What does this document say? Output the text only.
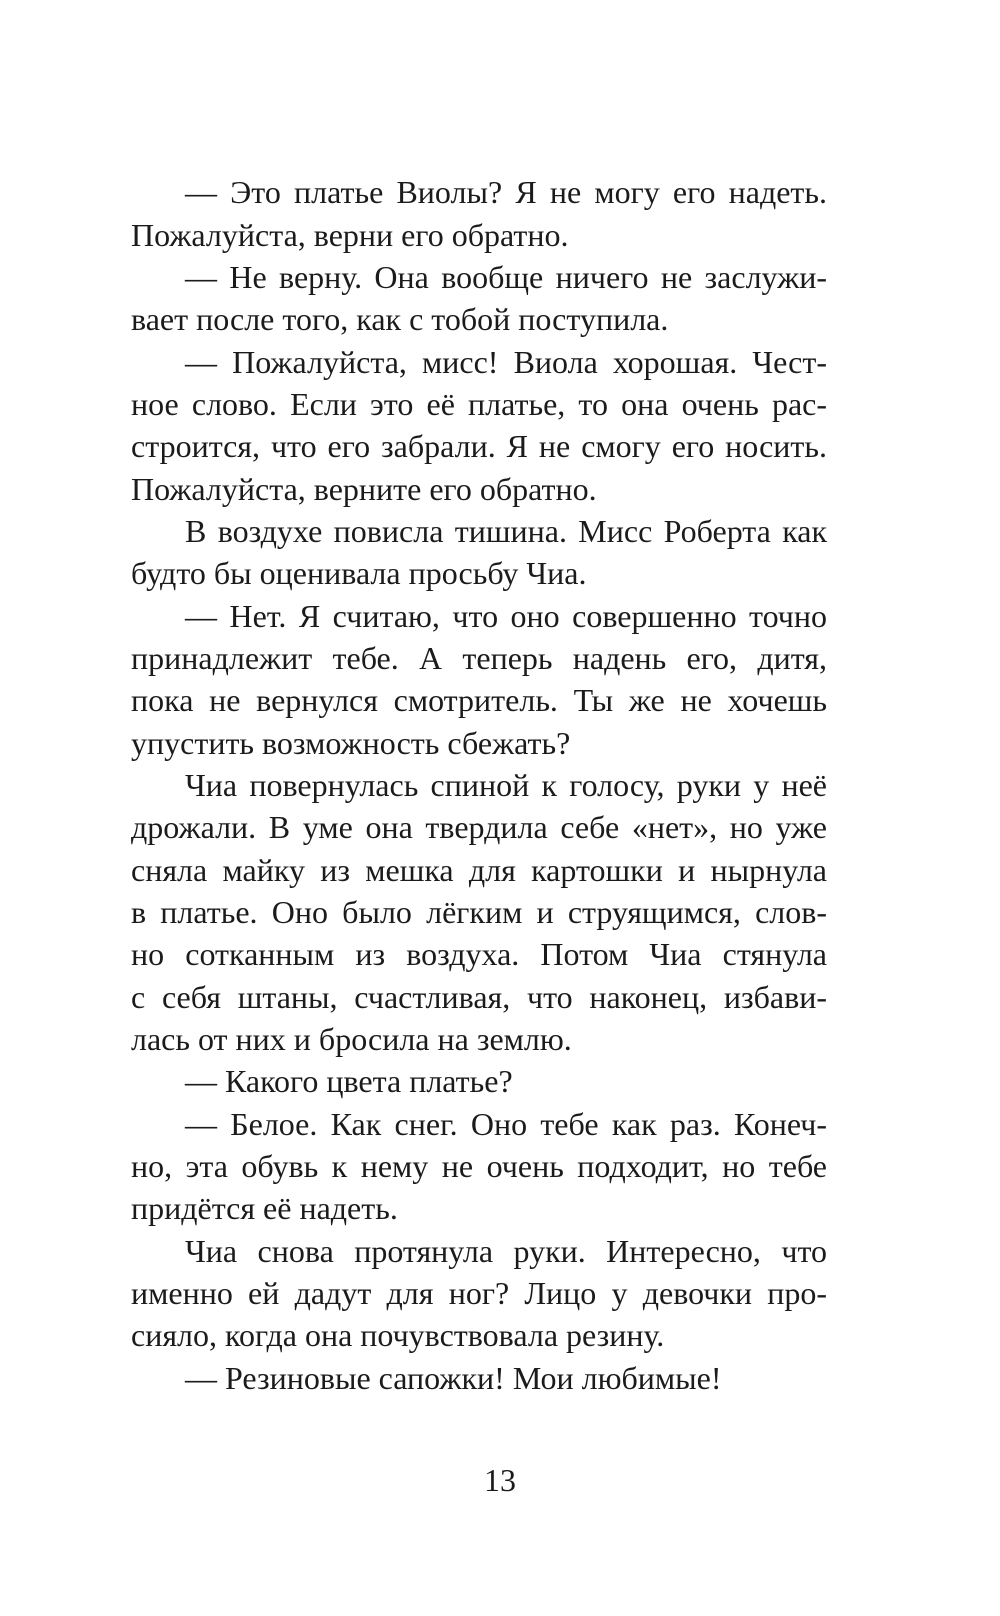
— Это платье Виолы? Я не могу его надеть.

Пожалуйста, верни его обратно.

— Не верну. Она вообще ничего не заслужи-

вает после того, как с тобой поступила.

— Пожалуйста, мисс! Виола хорошая. Чест-

ное слово. Если это её платье, то она очень рас-

строится, что его забрали. Я не смогу его носить.

Пожалуйста, верните его обратно.

В воздухе повисла тишина. Мисс Роберта как

будто бы оценивала просьбу Чиа.

— Нет. Я считаю, что оно совершенно точно

принадлежит тебе. А теперь надень его, дитя,

пока не вернулся смотритель. Ты же не хочешь

упустить возможность сбежать?

Чиа повернулась спиной к голосу, руки у неё

дрожали. В уме она твердила себе «нет», но уже

сняла майку из мешка для картошки и нырнула

в платье. Оно было лёгким и струящимся, слов-

но сотканным из воздуха. Потом Чиа стянула

с себя штаны, счастливая, что наконец, избави-

лась от них и бросила на землю.

— Какого цвета платье?

— Белое. Как снег. Оно тебе как раз. Конеч-

но, эта обувь к нему не очень подходит, но тебе

придётся её надеть.

Чиа снова протянула руки. Интересно, что

именно ей дадут для ног? Лицо у девочки про-

сияло, когда она почувствовала резину.

— Резиновые сапожки! Мои любимые!

13
